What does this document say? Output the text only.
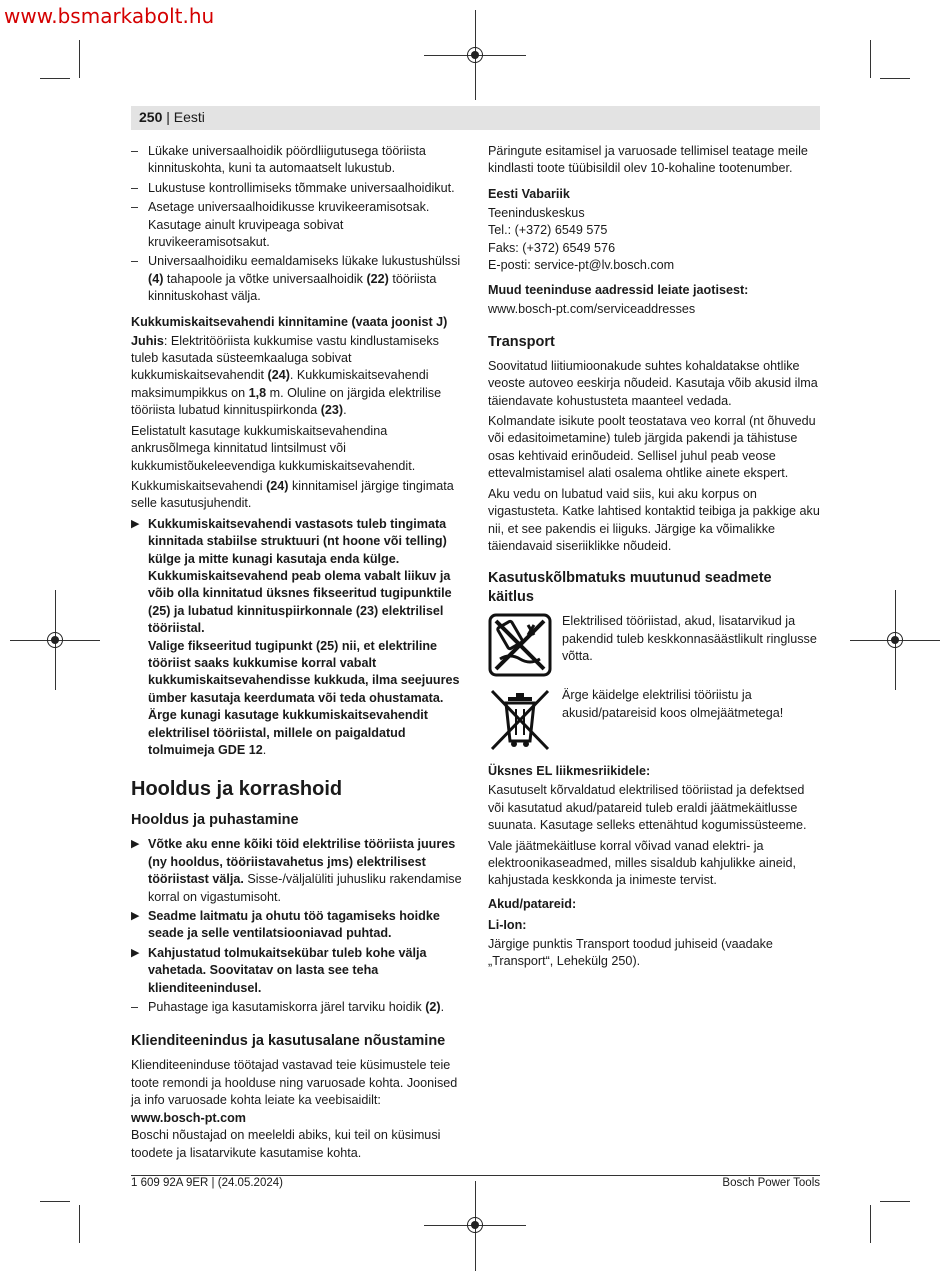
www.bsmarkabolt.hu
250 | Eesti
– Lükake universaalhoidik pöördliigutusega tööriista kinnituskohta, kuni ta automaatselt lukustub.
– Lukustuse kontrollimiseks tõmmake universaalhoidikut.
– Asetage universaalhoidikusse kruvikeeramisotsak. Kasutage ainult kruvipeaga sobivat kruvikeeramisotsakut.
– Universaalhoidiku eemaldamiseks lükake lukustushülssi (4) tahapoole ja võtke universaalhoidik (22) tööriista kinnituskohast välja.
Kukkumiskaitsevahendi kinnitamine (vaata joonist J)

Juhis: Elektritööriista kukkumise vastu kindlustamiseks tuleb kasutada süsteemkaaluga sobivat kukkumiskaitsevahendit (24). Kukkumiskaitsevahendi maksimumpikkus on 1,8 m. Oluline on järgida elektrilise tööriista lubatud kinnituspiirkonda (23).

Eelistatult kasutage kukkumiskaitsevahendina ankrusõlmega kinnitatud lintsilmust või kukkumistõukeleevendiga kukkumiskaitsevahendit.

Kukkumiskaitsevahendi (24) kinnitamisel järgige tingimata selle kasutusjuhendit.

▶ Kukkumiskaitsevahendi vastasots tuleb tingimata kinnitada stabiilse struktuuri (nt hoone või telling) külge ja mitte kunagi kasutaja enda külge.
Kukkumiskaitsevahend peab olema vabalt liikuv ja võib olla kinnitatud üksnes fikseeritud tugipunktile (25) ja lubatud kinnituspiirkonnale (23) elektrilisel tööriistal.
Valige fikseeritud tugipunkt (25) nii, et elektriline tööriist saaks kukkumise korral vabalt kukkumiskaitsevahendisse kukkuda, ilma seejuures ümber kasutaja keerdumata või teda ohustamata.
Ärge kunagi kasutage kukkumiskaitsevahendit elektrilisel tööriistal, millele on paigaldatud tolmuimeja GDE 12.
Hooldus ja korrashoid
Hooldus ja puhastamine
▶ Võtke aku enne kõiki töid elektrilise tööriista juures (ny hooldus, tööriistavahetus jms) elektrilisest tööriistast välja. Sisse-/väljalüliti juhusliku rakendamise korral on vigastumisoht.
▶ Seadme laitmatu ja ohutu töö tagamiseks hoidke seade ja selle ventilatsiooniavad puhtad.
▶ Kahjustatud tolmukaitsekübar tuleb kohe välja vahetada. Soovitatav on lasta see teha klienditeenindusel.
– Puhastage iga kasutamiskorra järel tarviku hoidik (2).
Klienditeenindus ja kasutusalane nõustamine

Klienditeeninduse töötajad vastavad teie küsimustele teie toote remondi ja hoolduse ning varuosade kohta. Joonised ja info varuosade kohta leiate ka veebisaidilt:

www.bosch-pt.com

Boschi nõustajad on meeleldi abiks, kui teil on küsimusi toodete ja lisatarvikute kasutamise kohta.

Päringute esitamisel ja varuosade tellimisel teatage meile kindlasti toote tüübisildil olev 10-kohaline tootenumber.

Eesti Vabariik
Teeninduskeskus
Tel.: (+372) 6549 575
Faks: (+372) 6549 576
E-posti: service-pt@lv.bosch.com
Muud teeninduse aadressid leiate jaotisest:

www.bosch-pt.com/serviceaddresses

Transport

Soovitatud liitiumioonakude suhtes kohaldatakse ohtlike veoste autoveo eeskirja nõudeid. Kasutaja võib akusid ilma täiendavate kohustusteta maanteel vedada.

Kolmandate isikute poolt teostatava veo korral (nt õhuvedu või edasitoimetamine) tuleb järgida pakendi ja tähistuse osas kehtivaid erinõudeid. Sellisel juhul peab veose ettevalmistamisel alati osalema ohtlike ainete ekspert.

Aku vedu on lubatud vaid siis, kui aku korpus on vigastusteta. Katke lahtised kontaktid teibiga ja pakkige aku nii, et see pakendis ei liiguks. Järgige ka võimalikke täiendavaid siseriiklikke nõudeid.

Kasutuskõlbmatuks muutunud seadmete käitlus
Elektrilised tööriistad, akud, lisatarvikud ja pakendid tuleb keskkonnasäästlikult ringlusse võtta.
Ärge käidelge elektrilisi tööriistu ja akusid/patareisid koos olmejäätmetega!
Üksnes EL liikmesriikidele:

Kasutuselt kõrvaldatud elektrilised tööriistad ja defektsed või kasutatud akud/patareid tuleb eraldi jäätmekäitlusse suunata. Kasutage selleks ettenähtud kogumissüsteeme.

Vale jäätmekäitluse korral võivad vanad elektri- ja elektroonikaseadmed, milles sisaldub kahjulikke aineid, kahjustada keskkonda ja inimeste tervist.

Akud/patareid:
Li-Ion:

Järgige punktis Transport toodud juhiseid (vaadake „Transport“, Lehekülg 250).

1 609 92A 9ER | (24.05.2024)	Bosch Power Tools
